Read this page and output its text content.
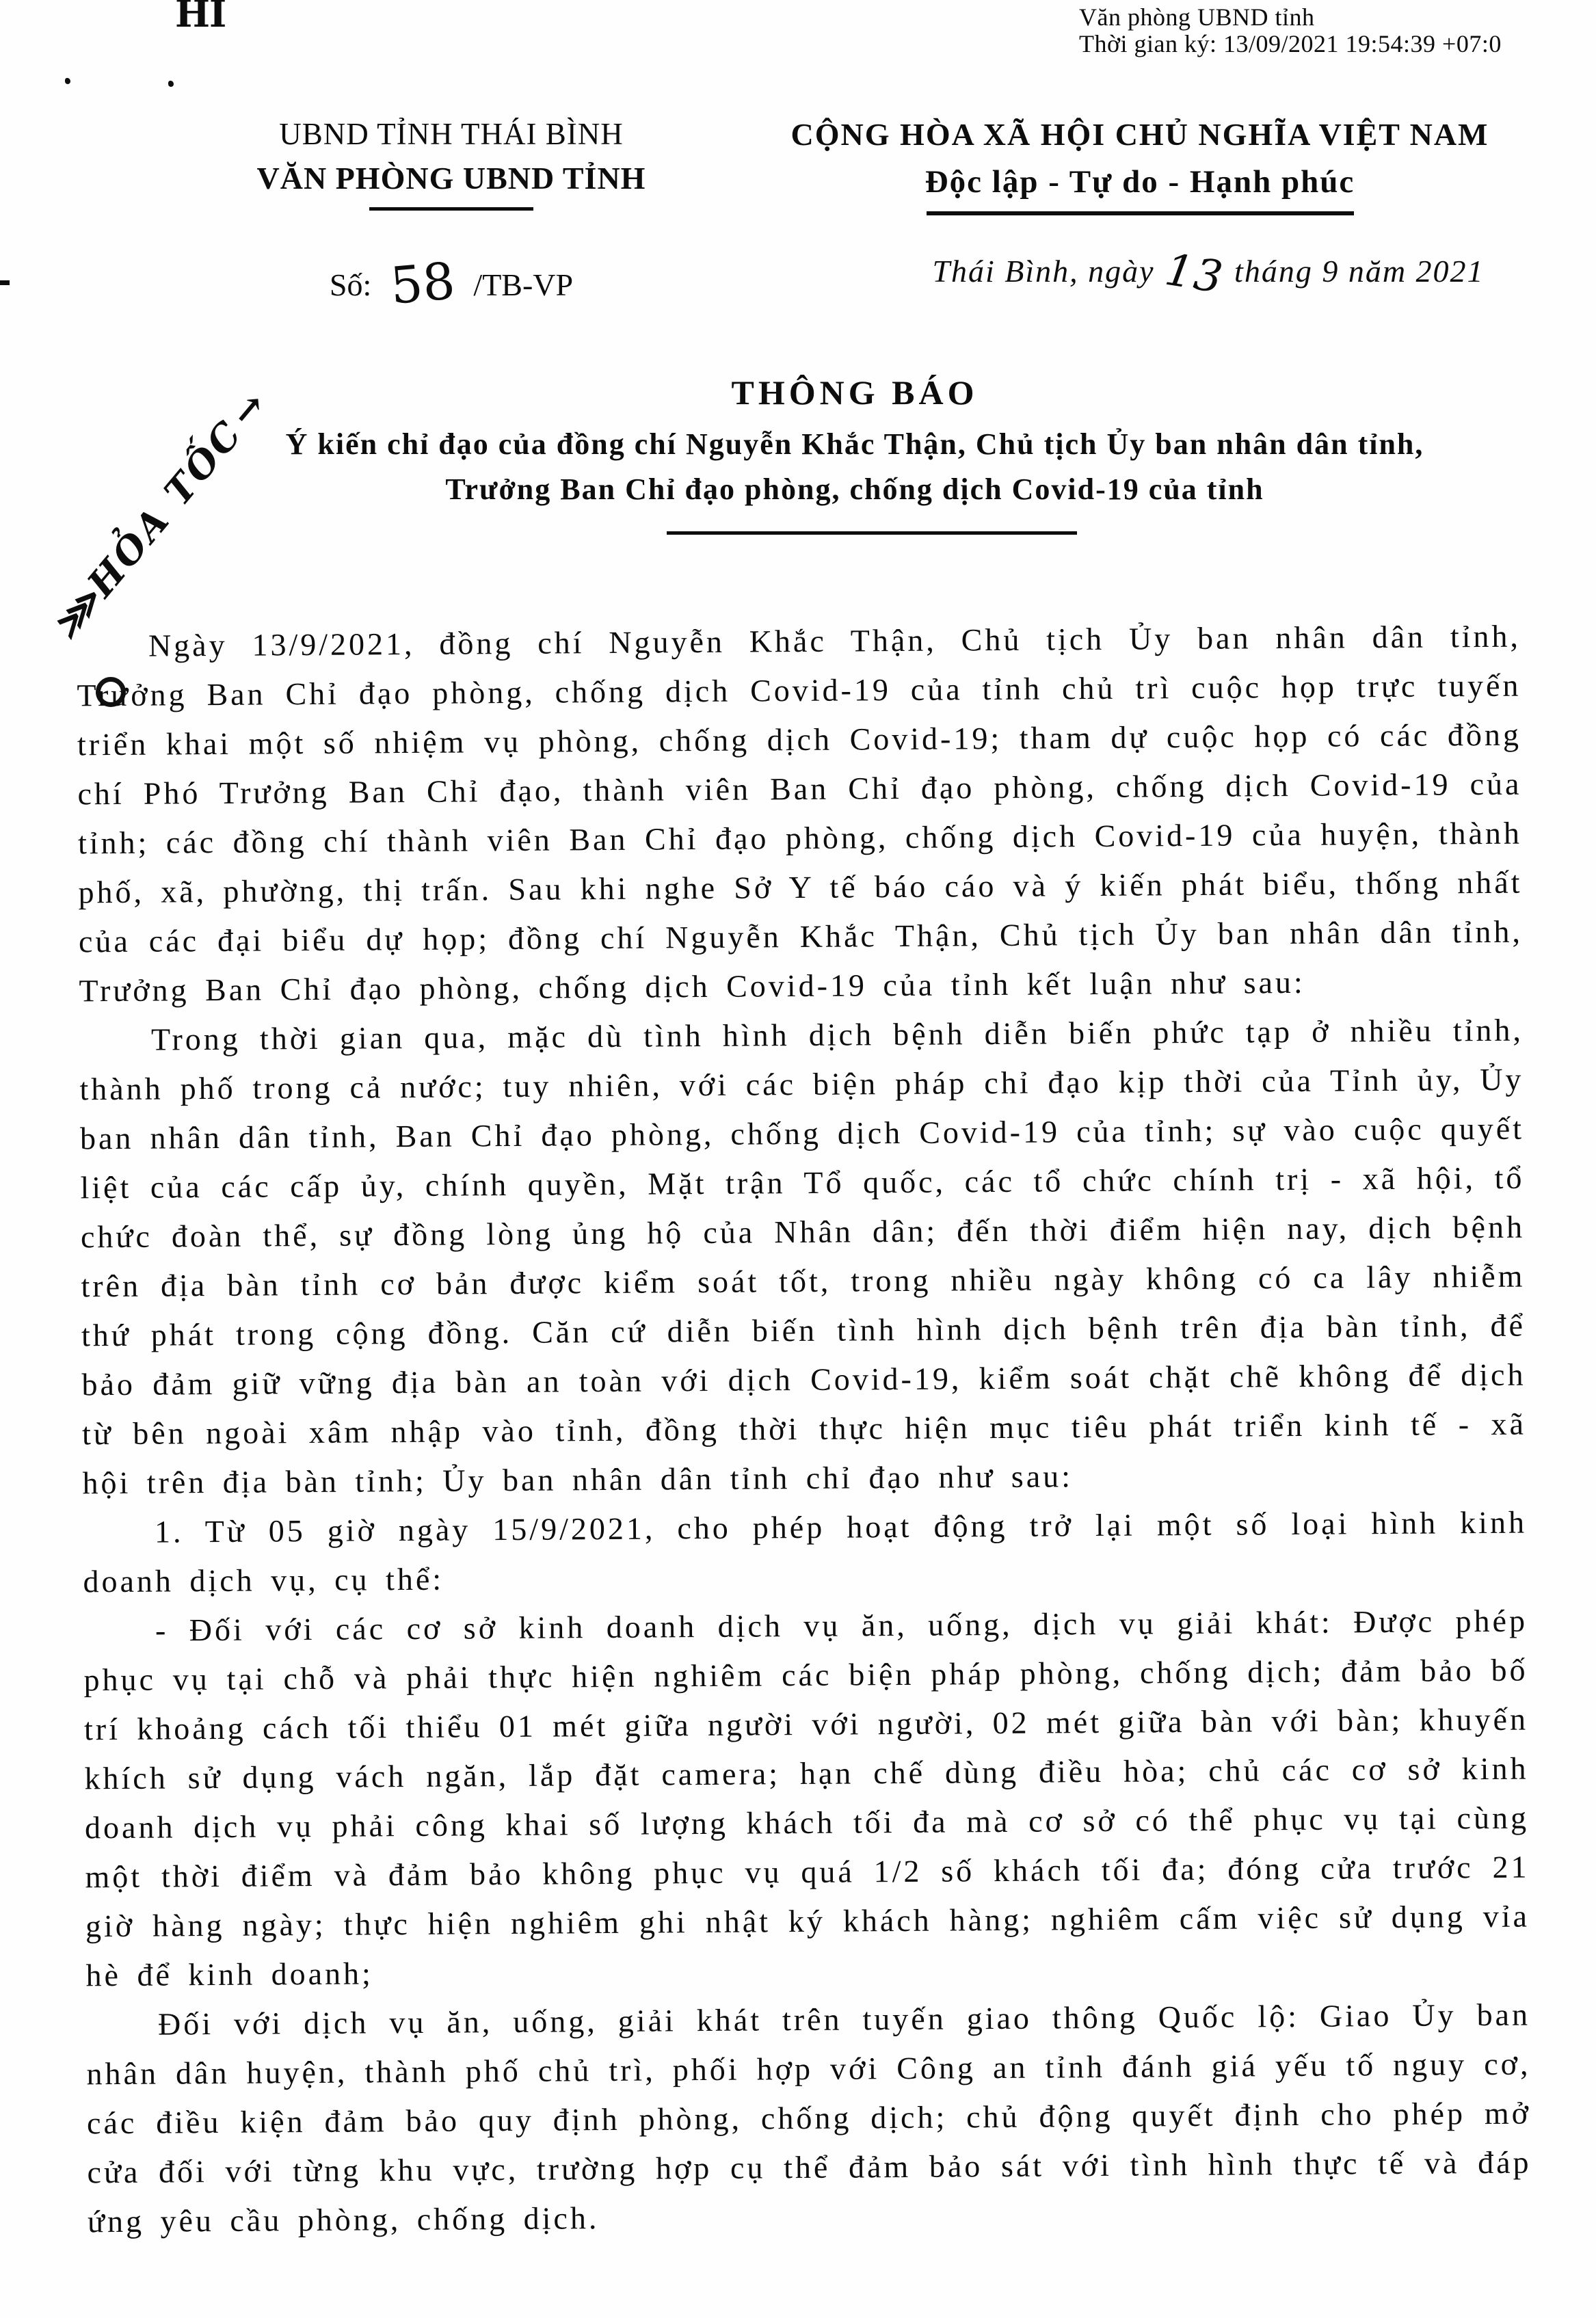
Văn phòng UBND tỉnh
Thời gian ký: 13/09/2021 19:54:39 +07:0
HI
⋙HỎA TỐC→
UBND TỈNH THÁI BÌNH
VĂN PHÒNG UBND TỈNH
Số: 58 /TB-VP
CỘNG HÒA XÃ HỘI CHỦ NGHĨA VIỆT NAM
Độc lập - Tự do - Hạnh phúc
Thái Bình, ngày 13 tháng 9 năm 2021
THÔNG BÁO
Ý kiến chỉ đạo của đồng chí Nguyễn Khắc Thận, Chủ tịch Ủy ban nhân dân tỉnh,
Trưởng Ban Chỉ đạo phòng, chống dịch Covid-19 của tỉnh

Ngày 13/9/2021, đồng chí Nguyễn Khắc Thận, Chủ tịch Ủy ban nhân dân tỉnh, Trưởng Ban Chỉ đạo phòng, chống dịch Covid-19 của tỉnh chủ trì cuộc họp trực tuyến triển khai một số nhiệm vụ phòng, chống dịch Covid-19; tham dự cuộc họp có các đồng chí Phó Trưởng Ban Chỉ đạo, thành viên Ban Chỉ đạo phòng, chống dịch Covid-19 của tỉnh; các đồng chí thành viên Ban Chỉ đạo phòng, chống dịch Covid-19 của huyện, thành phố, xã, phường, thị trấn. Sau khi nghe Sở Y tế báo cáo và ý kiến phát biểu, thống nhất của các đại biểu dự họp; đồng chí Nguyễn Khắc Thận, Chủ tịch Ủy ban nhân dân tỉnh, Trưởng Ban Chỉ đạo phòng, chống dịch Covid-19 của tỉnh kết luận như sau:

Trong thời gian qua, mặc dù tình hình dịch bệnh diễn biến phức tạp ở nhiều tỉnh, thành phố trong cả nước; tuy nhiên, với các biện pháp chỉ đạo kịp thời của Tỉnh ủy, Ủy ban nhân dân tỉnh, Ban Chỉ đạo phòng, chống dịch Covid-19 của tỉnh; sự vào cuộc quyết liệt của các cấp ủy, chính quyền, Mặt trận Tổ quốc, các tổ chức chính trị - xã hội, tổ chức đoàn thể, sự đồng lòng ủng hộ của Nhân dân; đến thời điểm hiện nay, dịch bệnh trên địa bàn tỉnh cơ bản được kiểm soát tốt, trong nhiều ngày không có ca lây nhiễm thứ phát trong cộng đồng. Căn cứ diễn biến tình hình dịch bệnh trên địa bàn tỉnh, để bảo đảm giữ vững địa bàn an toàn với dịch Covid-19, kiểm soát chặt chẽ không để dịch từ bên ngoài xâm nhập vào tỉnh, đồng thời thực hiện mục tiêu phát triển kinh tế - xã hội trên địa bàn tỉnh; Ủy ban nhân dân tỉnh chỉ đạo như sau:

1. Từ 05 giờ ngày 15/9/2021, cho phép hoạt động trở lại một số loại hình kinh doanh dịch vụ, cụ thể:

- Đối với các cơ sở kinh doanh dịch vụ ăn, uống, dịch vụ giải khát: Được phép phục vụ tại chỗ và phải thực hiện nghiêm các biện pháp phòng, chống dịch; đảm bảo bố trí khoảng cách tối thiểu 01 mét giữa người với người, 02 mét giữa bàn với bàn; khuyến khích sử dụng vách ngăn, lắp đặt camera; hạn chế dùng điều hòa; chủ các cơ sở kinh doanh dịch vụ phải công khai số lượng khách tối đa mà cơ sở có thể phục vụ tại cùng một thời điểm và đảm bảo không phục vụ quá 1/2 số khách tối đa; đóng cửa trước 21 giờ hàng ngày; thực hiện nghiêm ghi nhật ký khách hàng; nghiêm cấm việc sử dụng vỉa hè để kinh doanh;

Đối với dịch vụ ăn, uống, giải khát trên tuyến giao thông Quốc lộ: Giao Ủy ban nhân dân huyện, thành phố chủ trì, phối hợp với Công an tỉnh đánh giá yếu tố nguy cơ, các điều kiện đảm bảo quy định phòng, chống dịch; chủ động quyết định cho phép mở cửa đối với từng khu vực, trường hợp cụ thể đảm bảo sát với tình hình thực tế và đáp ứng yêu cầu phòng, chống dịch.
